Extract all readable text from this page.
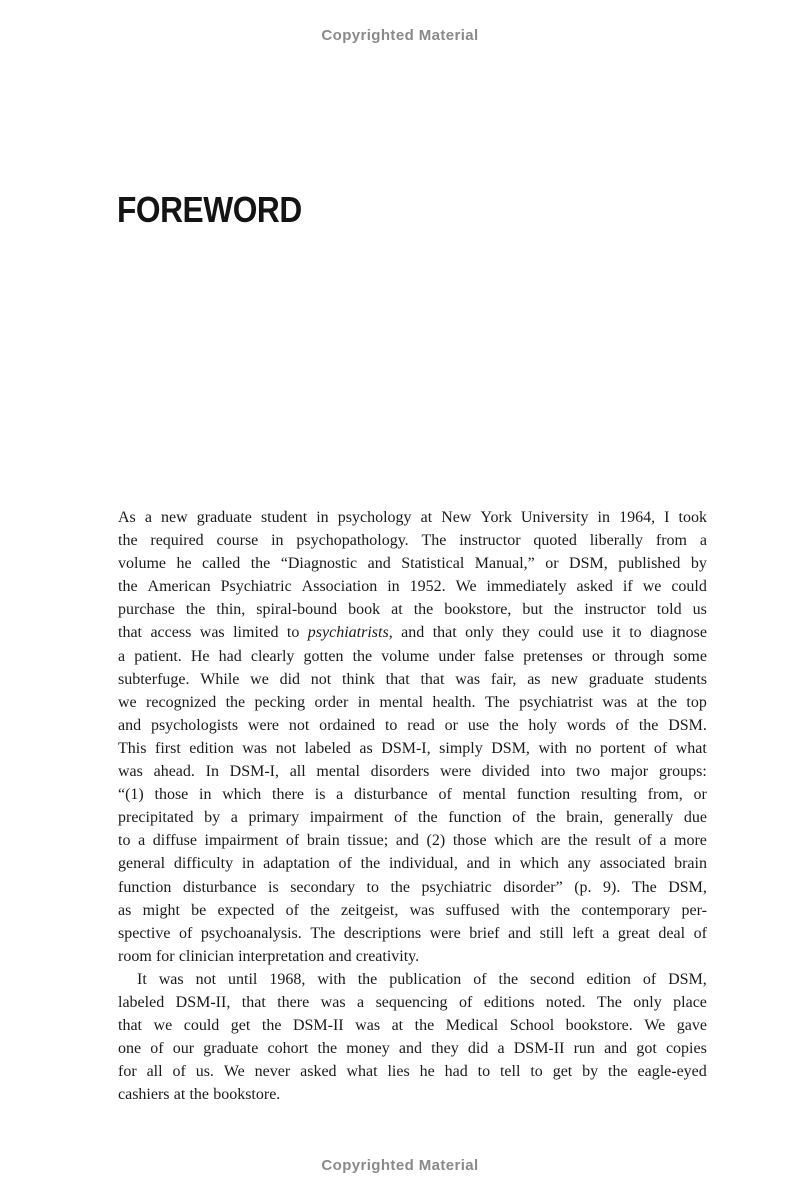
Copyrighted Material
FOREWORD
As a new graduate student in psychology at New York University in 1964, I took
the required course in psychopathology. The instructor quoted liberally from a
volume he called the “Diagnostic and Statistical Manual,” or DSM, published by
the American Psychiatric Association in 1952. We immediately asked if we could
purchase the thin, spiral-bound book at the bookstore, but the instructor told us
that access was limited to psychiatrists, and that only they could use it to diagnose
a patient. He had clearly gotten the volume under false pretenses or through some
subterfuge. While we did not think that that was fair, as new graduate students
we recognized the pecking order in mental health. The psychiatrist was at the top
and psychologists were not ordained to read or use the holy words of the DSM.
This first edition was not labeled as DSM-I, simply DSM, with no portent of what
was ahead. In DSM-I, all mental disorders were divided into two major groups:
“(1) those in which there is a disturbance of mental function resulting from, or
precipitated by a primary impairment of the function of the brain, generally due
to a diffuse impairment of brain tissue; and (2) those which are the result of a more
general difficulty in adaptation of the individual, and in which any associated brain
function disturbance is secondary to the psychiatric disorder” (p. 9). The DSM,
as might be expected of the zeitgeist, was suffused with the contemporary per-
spective of psychoanalysis. The descriptions were brief and still left a great deal of
room for clinician interpretation and creativity.
It was not until 1968, with the publication of the second edition of DSM,
labeled DSM-II, that there was a sequencing of editions noted. The only place
that we could get the DSM-II was at the Medical School bookstore. We gave
one of our graduate cohort the money and they did a DSM-II run and got copies
for all of us. We never asked what lies he had to tell to get by the eagle-eyed
cashiers at the bookstore.
Copyrighted Material
